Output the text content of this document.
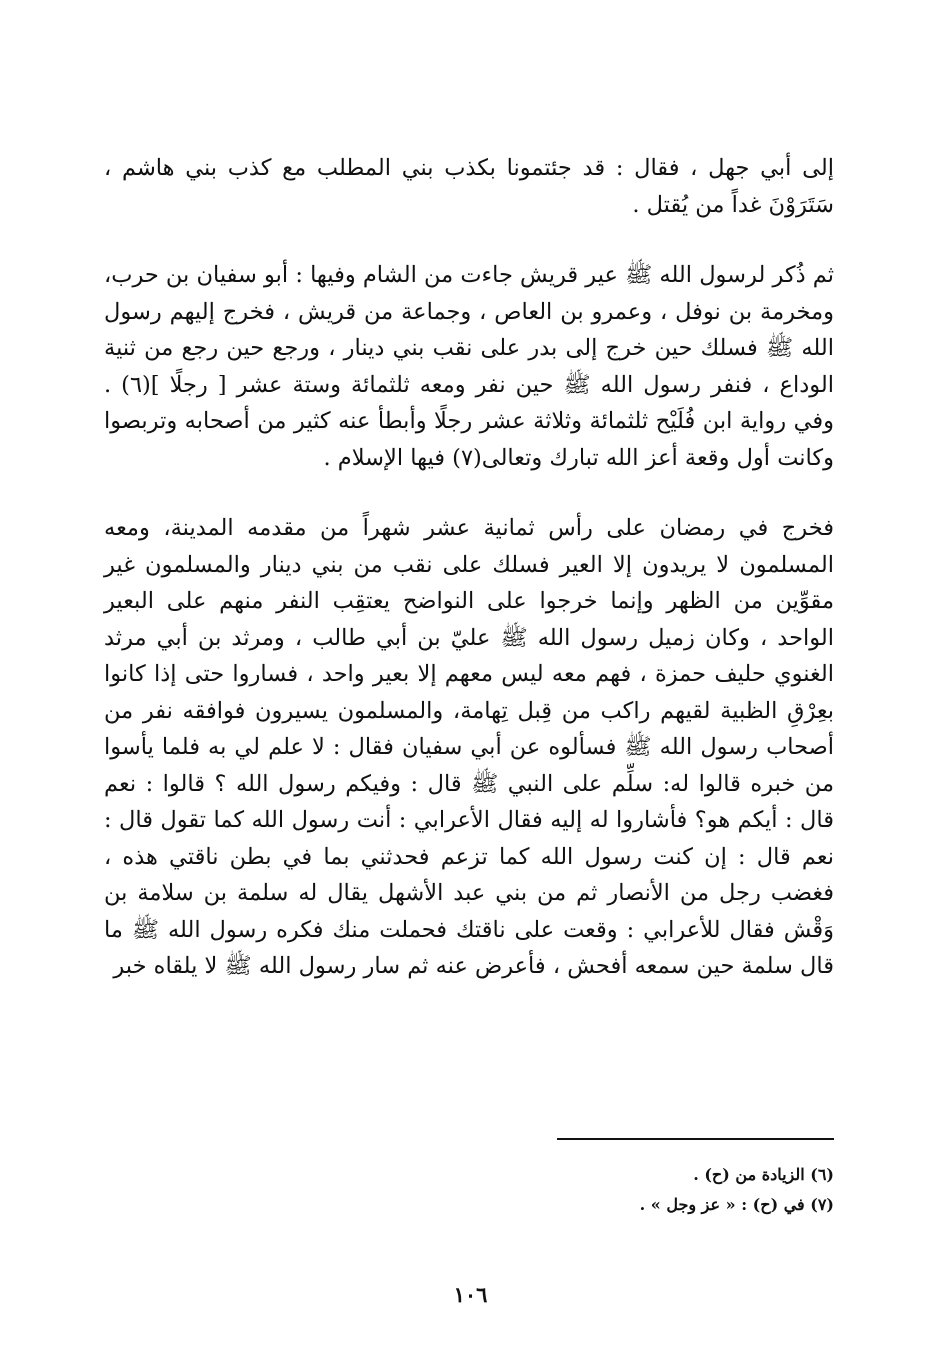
إلى أبي جهل ، فقال : قد جئتمونا بكذب بني المطلب مع كذب بني هاشم ، سَتَرَوْنَ غداً من يُقتل .

ثم ذُكر لرسول الله ﷺ عير قريش جاءت من الشام وفيها : أبو سفيان بن حرب، ومخرمة بن نوفل ، وعمرو بن العاص ، وجماعة من قريش ، فخرج إليهم رسول الله ﷺ فسلك حين خرج إلى بدر على نقب بني دينار ، ورجع حين رجع من ثنية الوداع ، فنفر رسول الله ﷺ حين نفر ومعه ثلثمائة وستة عشر [ رجلًا ](٦) . وفي رواية ابن فُلَيْح ثلثمائة وثلاثة عشر رجلًا وأبطأ عنه كثير من أصحابه وتربصوا وكانت أول وقعة أعز الله تبارك وتعالى(٧) فيها الإسلام .

فخرج في رمضان على رأس ثمانية عشر شهراً من مقدمه المدينة، ومعه المسلمون لا يريدون إلا العير فسلك على نقب من بني دينار والمسلمون غير مقوِّين من الظهر وإنما خرجوا على النواضح يعتقِب النفر منهم على البعير الواحد ، وكان زميل رسول الله ﷺ عليّ بن أبي طالب ، ومرثد بن أبي مرثد الغنوي حليف حمزة ، فهم معه ليس معهم إلا بعير واحد ، فساروا حتى إذا كانوا بعِرْقِ الظبية لقيهم راكب من قِبل تِهامة، والمسلمون يسيرون فوافقه نفر من أصحاب رسول الله ﷺ فسألوه عن أبي سفيان فقال : لا علم لي به فلما يأسوا من خبره قالوا له: سلِّم على النبي ﷺ قال : وفيكم رسول الله ؟ قالوا : نعم قال : أيكم هو؟ فأشاروا له إليه فقال الأعرابي : أنت رسول الله كما تقول قال : نعم قال : إن كنت رسول الله كما تزعم فحدثني بما في بطن ناقتي هذه ، فغضب رجل من الأنصار ثم من بني عبد الأشهل يقال له سلمة بن سلامة بن وَقْش فقال للأعرابي : وقعت على ناقتك فحملت منك فكره رسول الله ﷺ ما قال سلمة حين سمعه أفحش ، فأعرض عنه ثم سار رسول الله ﷺ لا يلقاه خبر

(٦) الزيادة من (ح) .

(٧) في (ح) : « عز وجل » .

١٠٦
